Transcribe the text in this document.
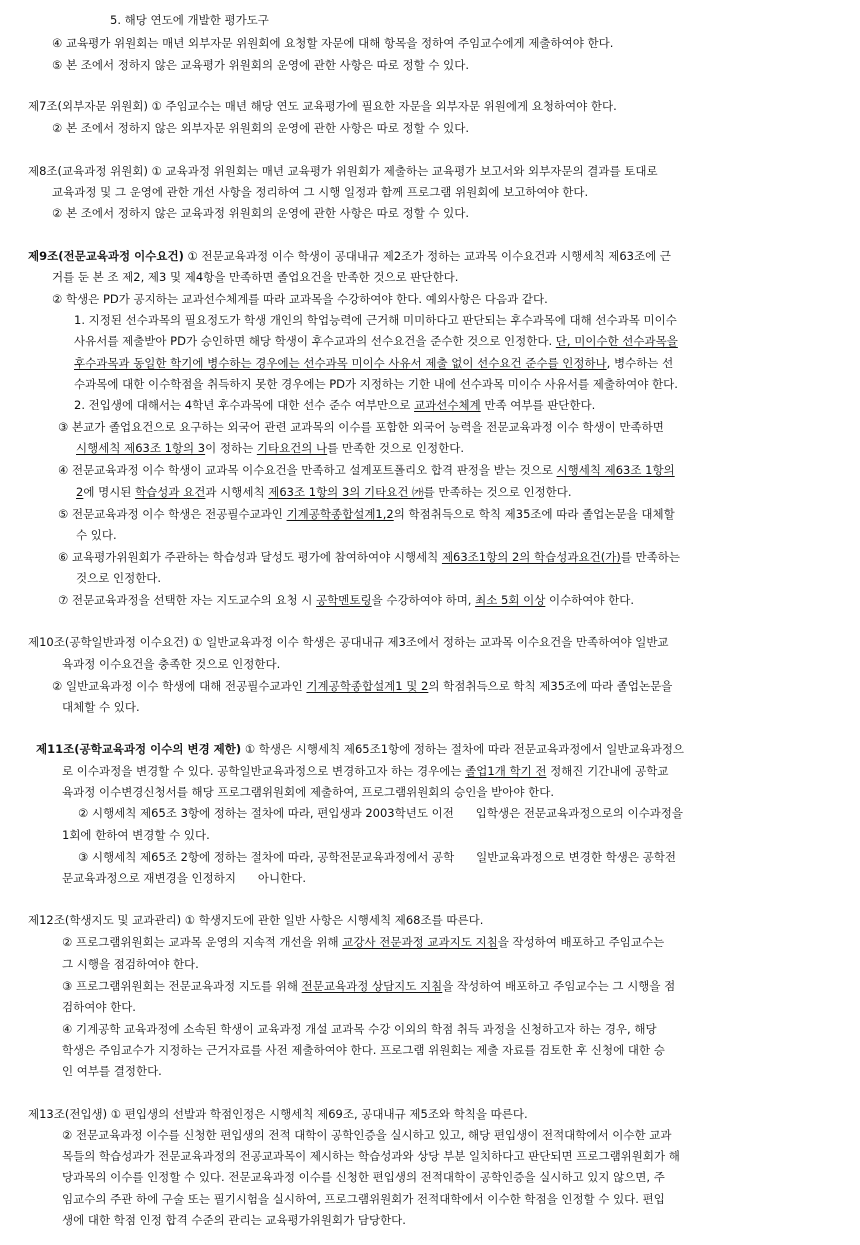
5. 해당 연도에 개발한 평가도구
④ 교육평가 위원회는 매년 외부자문 위원회에 요청할 자문에 대해 항목을 정하여 주임교수에게 제출하여야 한다.
⑤ 본 조에서 정하지 않은 교육평가 위원회의 운영에 관한 사항은 따로 정할 수 있다.
제7조(외부자문 위원회) ① 주임교수는 매년 해당 연도 교육평가에 필요한 자문을 외부자문 위원에게 요청하여야 한다.
② 본 조에서 정하지 않은 외부자문 위원회의 운영에 관한 사항은 따로 정할 수 있다.
제8조(교육과정 위원회) ① 교육과정 위원회는 매년 교육평가 위원회가 제출하는 교육평가 보고서와 외부자문의 결과를 토대로
교육과정 및 그 운영에 관한 개선 사항을 정리하여 그 시행 일정과 함께 프로그램 위원회에 보고하여야 한다.
② 본 조에서 정하지 않은 교육과정 위원회의 운영에 관한 사항은 따로 정할 수 있다.
제9조(전문교육과정 이수요건) ① 전문교육과정 이수 학생이 공대내규 제2조가 정하는 교과목 이수요건과 시행세칙 제63조에 근
거를 둔 본 조 제2, 제3 및 제4항을 만족하면 졸업요건을 만족한 것으로 판단한다.
② 학생은 PD가 공지하는 교과선수체계를 따라 교과목을 수강하여야 한다. 예외사항은 다음과 같다.
1. 지정된 선수과목의 필요정도가 학생 개인의 학업능력에 근거해 미미하다고 판단되는 후수과목에 대해 선수과목 미이수
사유서를 제출받아 PD가 승인하면 해당 학생이 후수교과의 선수요건을 준수한 것으로 인정한다. 단, 미이수한 선수과목을
후수과목과 동일한 학기에 병수하는 경우에는 선수과목 미이수 사유서 제출 없이 선수요건 준수를 인정하나, 병수하는 선
수과목에 대한 이수학점을 취득하지 못한 경우에는 PD가 지정하는 기한 내에 선수과목 미이수 사유서를 제출하여야 한다.
2. 전입생에 대해서는 4학년 후수과목에 대한 선수 준수 여부만으로 교과선수체계 만족 여부를 판단한다.
③ 본교가 졸업요건으로 요구하는 외국어 관련 교과목의 이수를 포함한 외국어 능력을 전문교육과정 이수 학생이 만족하면
시행세칙 제63조 1항의 3이 정하는 기타요건의 나를 만족한 것으로 인정한다.
④ 전문교육과정 이수 학생이 교과목 이수요건을 만족하고 설계포트폴리오 합격 판정을 받는 것으로 시행세칙 제63조 1항의
2에 명시된 학습성과 요건과 시행세칙 제63조 1항의 3의 기타요건 ㈎를 만족하는 것으로 인정한다.
⑤ 전문교육과정 이수 학생은 전공필수교과인 기계공학종합설계1,2의 학점취득으로 학칙 제35조에 따라 졸업논문을 대체할
수 있다.
⑥ 교육평가위원회가 주관하는 학습성과 달성도 평가에 참여하여야 시행세칙 제63조1항의 2의 학습성과요건(가)를 만족하는
것으로 인정한다.
⑦ 전문교육과정을 선택한 자는 지도교수의 요청 시 공학멘토링을 수강하여야 하며, 최소 5회 이상 이수하여야 한다.
제10조(공학일반과정 이수요건) ① 일반교육과정 이수 학생은 공대내규 제3조에서 정하는 교과목 이수요건을 만족하여야 일반교
육과정 이수요건을 충족한 것으로 인정한다.
② 일반교육과정 이수 학생에 대해 전공필수교과인 기계공학종합설계1 및 2의 학점취득으로 학칙 제35조에 따라 졸업논문을
대체할 수 있다.
제11조(공학교육과정 이수의 변경 제한) ① 학생은 시행세칙 제65조1항에 정하는 절차에 따라 전문교육과정에서 일반교육과정으
로 이수과정을 변경할 수 있다. 공학일반교육과정으로 변경하고자 하는 경우에는 졸업1개 학기 전 정해진 기간내에 공학교
육과정 이수변경신청서를 해당 프로그램위원회에 제출하여, 프로그램위원회의 승인을 받아야 한다.
② 시행세칙 제65조 3항에 정하는 절차에 따라, 편입생과 2003학년도 이전      입학생은 전문교육과정으로의 이수과정을
1회에 한하여 변경할 수 있다.
③ 시행세칙 제65조 2항에 정하는 절차에 따라, 공학전문교육과정에서 공학      일반교육과정으로 변경한 학생은 공학전
문교육과정으로 재변경을 인정하지      아니한다.
제12조(학생지도 및 교과관리) ① 학생지도에 관한 일반 사항은 시행세칙 제68조를 따른다.
② 프로그램위원회는 교과목 운영의 지속적 개선을 위해 교강사 전문과정 교과지도 지침을 작성하여 배포하고 주임교수는
그 시행을 점검하여야 한다.
③ 프로그램위원회는 전문교육과정 지도를 위해 전문교육과정 상담지도 지침을 작성하여 배포하고 주임교수는 그 시행을 점
검하여야 한다.
④ 기계공학 교육과정에 소속된 학생이 교육과정 개설 교과목 수강 이외의 학점 취득 과정을 신청하고자 하는 경우, 해당
학생은 주임교수가 지정하는 근거자료를 사전 제출하여야 한다. 프로그램 위원회는 제출 자료를 검토한 후 신청에 대한 승
인 여부를 결정한다.
제13조(전입생) ① 편입생의 선발과 학점인정은 시행세칙 제69조, 공대내규 제5조와 학칙을 따른다.
② 전문교육과정 이수를 신청한 편입생의 전적 대학이 공학인증을 실시하고 있고, 해당 편입생이 전적대학에서 이수한 교과
목들의 학습성과가 전문교육과정의 전공교과목이 제시하는 학습성과와 상당 부분 일치하다고 판단되면 프로그램위원회가 해
당과목의 이수를 인정할 수 있다. 전문교육과정 이수를 신청한 편입생의 전적대학이 공학인증을 실시하고 있지 않으면, 주
임교수의 주관 하에 구술 또는 필기시험을 실시하여, 프로그램위원회가 전적대학에서 이수한 학점을 인정할 수 있다. 편입
생에 대한 학점 인정 합격 수준의 관리는 교육평가위원회가 담당한다.
